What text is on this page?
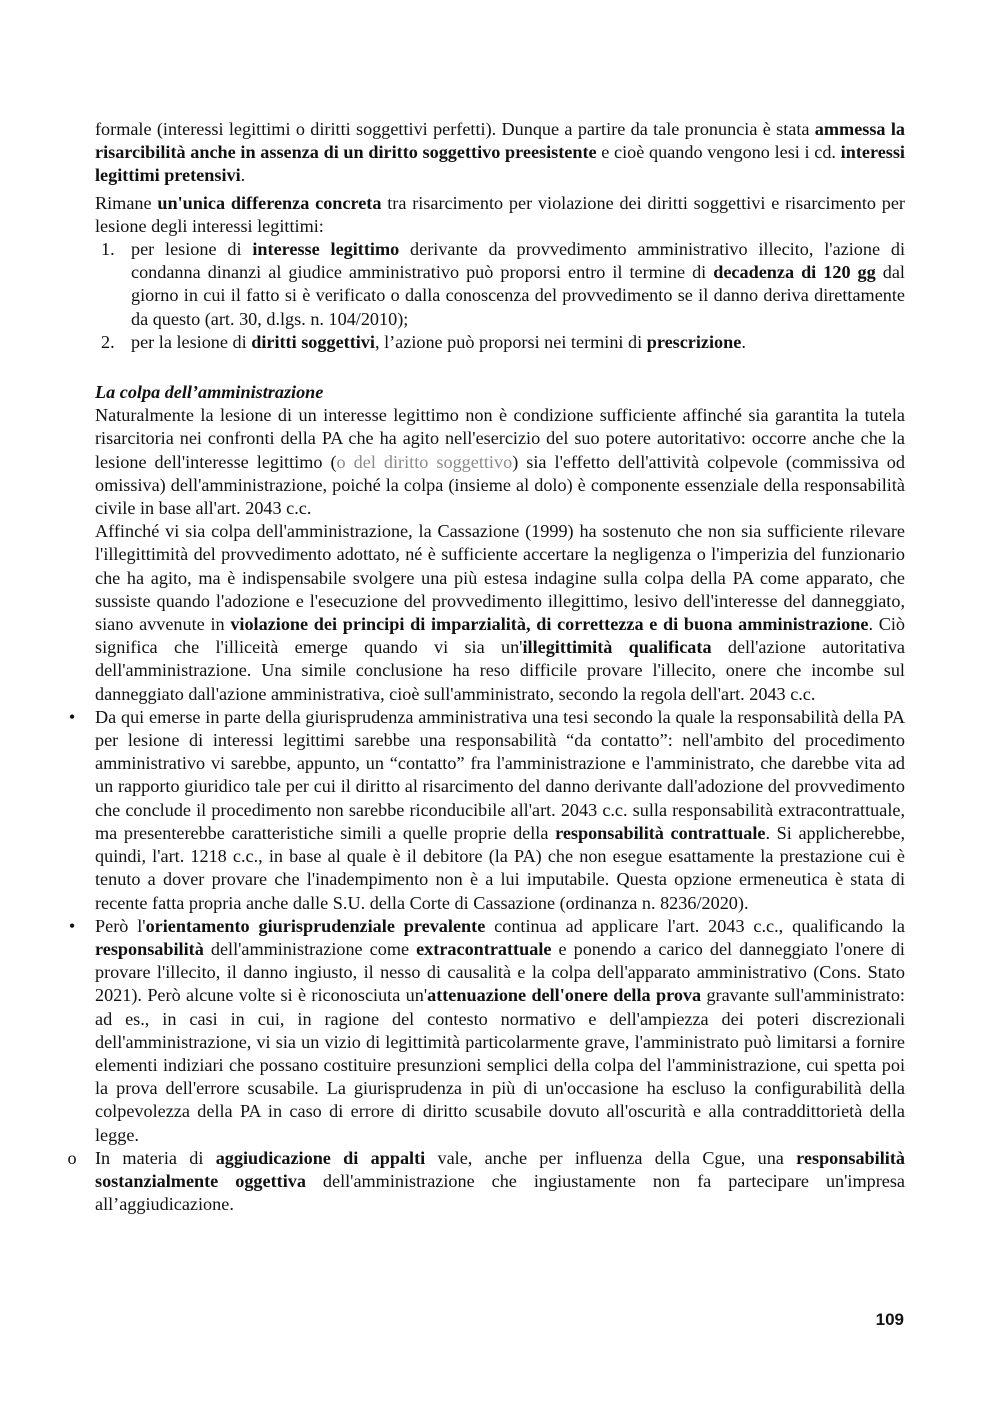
formale (interessi legittimi o diritti soggettivi perfetti). Dunque a partire da tale pronuncia è stata ammessa la risarcibilità anche in assenza di un diritto soggettivo preesistente e cioè quando vengono lesi i cd. interessi legittimi pretensivi.

Rimane un'unica differenza concreta tra risarcimento per violazione dei diritti soggettivi e risarcimento per lesione degli interessi legittimi:

1. per lesione di interesse legittimo derivante da provvedimento amministrativo illecito, l'azione di condanna dinanzi al giudice amministrativo può proporsi entro il termine di decadenza di 120 gg dal giorno in cui il fatto si è verificato o dalla conoscenza del provvedimento se il danno deriva direttamente da questo (art. 30, d.lgs. n. 104/2010);
2. per la lesione di diritti soggettivi, l’azione può proporsi nei termini di prescrizione.

La colpa dell’amministrazione

Naturalmente la lesione di un interesse legittimo non è condizione sufficiente affinché sia garantita la tutela risarcitoria nei confronti della PA che ha agito nell'esercizio del suo potere autoritativo: occorre anche che la lesione dell'interesse legittimo (o del diritto soggettivo) sia l'effetto dell'attività colpevole (commissiva od omissiva) dell'amministrazione, poiché la colpa (insieme al dolo) è componente essenziale della responsabilità civile in base all'art. 2043 c.c.

Affinché vi sia colpa dell'amministrazione, la Cassazione (1999) ha sostenuto che non sia sufficiente rilevare l'illegittimità del provvedimento adottato, né è sufficiente accertare la negligenza o l'imperizia del funzionario che ha agito, ma è indispensabile svolgere una più estesa indagine sulla colpa della PA come apparato, che sussiste quando l'adozione e l'esecuzione del provvedimento illegittimo, lesivo dell'interesse del danneggiato, siano avvenute in violazione dei principi di imparzialità, di correttezza e di buona amministrazione. Ciò significa che l'illiceità emerge quando vi sia un'illegittimità qualificata dell'azione autoritativa dell'amministrazione. Una simile conclusione ha reso difficile provare l'illecito, onere che incombe sul danneggiato dall'azione amministrativa, cioè sull'amministrato, secondo la regola dell'art. 2043 c.c.

•	Da qui emerse in parte della giurisprudenza amministrativa una tesi secondo la quale la responsabilità della PA per lesione di interessi legittimi sarebbe una responsabilità “da contatto”: nell'ambito del procedimento amministrativo vi sarebbe, appunto, un “contatto” fra l'amministrazione e l'amministrato, che darebbe vita ad un rapporto giuridico tale per cui il diritto al risarcimento del danno derivante dall'adozione del provvedimento che conclude il procedimento non sarebbe riconducibile all'art. 2043 c.c. sulla responsabilità extracontrattuale, ma presenterebbe caratteristiche simili a quelle proprie della responsabilità contrattuale. Si applicherebbe, quindi, l'art. 1218 c.c., in base al quale è il debitore (la PA) che non esegue esattamente la prestazione cui è tenuto a dover provare che l'inadempimento non è a lui imputabile. Questa opzione ermeneutica è stata di recente fatta propria anche dalle S.U. della Corte di Cassazione (ordinanza n. 8236/2020).
•	Però l'orientamento giurisprudenziale prevalente continua ad applicare l'art. 2043 c.c., qualificando la responsabilità dell'amministrazione come extracontrattuale e ponendo a carico del danneggiato l'onere di provare l'illecito, il danno ingiusto, il nesso di causalità e la colpa dell'apparato amministrativo (Cons. Stato 2021). Però alcune volte si è riconosciuta un'attenuazione dell'onere della prova gravante sull'amministrato: ad es., in casi in cui, in ragione del contesto normativo e dell'ampiezza dei poteri discrezionali dell'amministrazione, vi sia un vizio di legittimità particolarmente grave, l'amministrato può limitarsi a fornire elementi indiziari che possano costituire presunzioni semplici della colpa del l'amministrazione, cui spetta poi la prova dell'errore scusabile. La giurisprudenza in più di un'occasione ha escluso la configurabilità della colpevolezza della PA in caso di errore di diritto scusabile dovuto all'oscurità e alla contraddittorietà della legge.
o In materia di aggiudicazione di appalti vale, anche per influenza della Cgue, una responsabilità sostanzialmente oggettiva dell'amministrazione che ingiustamente non fa partecipare un'impresa all’aggiudicazione.
109
